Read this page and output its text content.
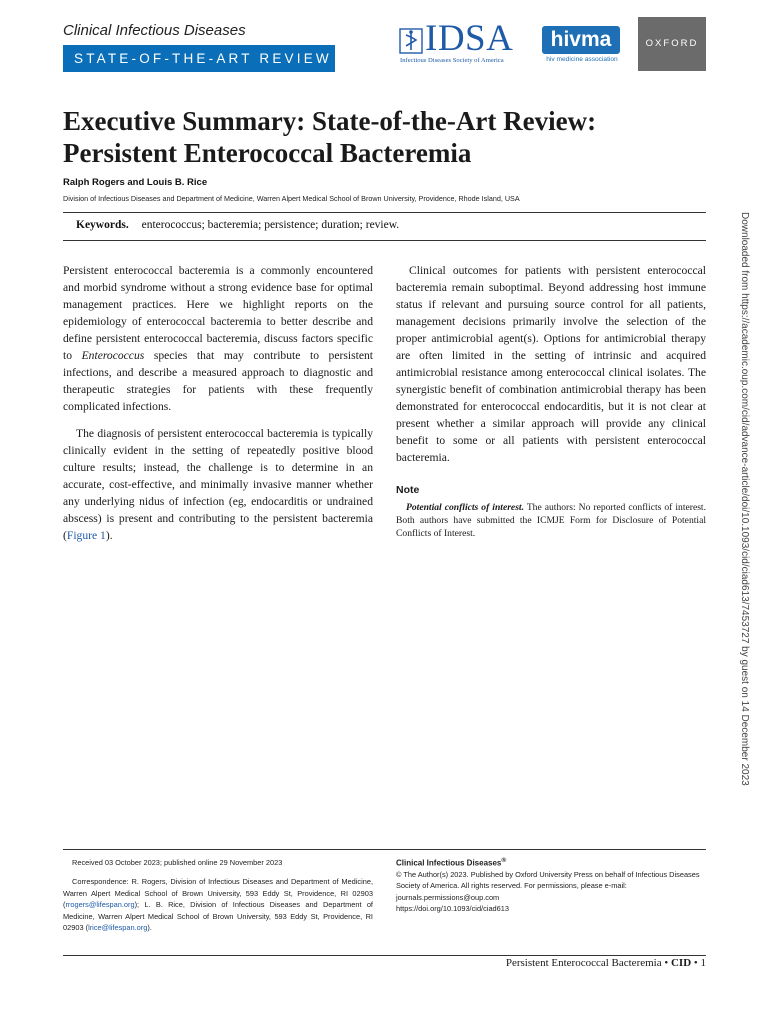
Clinical Infectious Diseases
STATE-OF-THE-ART REVIEW	IDSA
Infectious Diseases Society of America
hivma
hiv medicine association
OXFORD
Executive Summary: State-of-the-Art Review: Persistent Enterococcal Bacteremia
Ralph Rogers and Louis B. Rice
Division of Infectious Diseases and Department of Medicine, Warren Alpert Medical School of Brown University, Providence, Rhode Island, USA
Keywords. enterococcus; bacteremia; persistence; duration; review.

Persistent enterococcal bacteremia is a commonly encountered and morbid syndrome without a strong evidence base for optimal management practices. Here we highlight reports on the epidemiology of enterococcal bacteremia to better describe and define persistent enterococcal bacteremia, discuss factors specific to Enterococcus species that may contribute to persistent infections, and describe a measured approach to diagnostic and therapeutic strategies for patients with these frequently complicated infections.

The diagnosis of persistent enterococcal bacteremia is typically clinically evident in the setting of repeatedly positive blood culture results; instead, the challenge is to determine in an accurate, cost-effective, and minimally invasive manner whether any underlying nidus of infection (eg, endocarditis or undrained abscess) is present and contributing to the persistent bacteremia (Figure 1).

Clinical outcomes for patients with persistent enterococcal bacteremia remain suboptimal. Beyond addressing host immune status if relevant and pursuing source control for all patients, management decisions primarily involve the selection of the proper antimicrobial agent(s). Options for antimicrobial therapy are often limited in the setting of intrinsic and acquired antimicrobial resistance among enterococcal clinical isolates. The synergistic benefit of combination antimicrobial therapy has been demonstrated for enterococcal endocarditis, but it is not clear at present whether a similar approach will provide any clinical benefit to some or all patients with persistent enterococcal bacteremia.

Note

Potential conflicts of interest. The authors: No reported conflicts of interest. Both authors have submitted the ICMJE Form for Disclosure of Potential Conflicts of Interest.	Downloaded from https://academic.oup.com/cid/advance-article/doi/10.1093/cid/ciad613/7453727 by guest on 14 December 2023
Received 03 October 2023; published online 29 November 2023
Correspondence: R. Rogers, Division of Infectious Diseases and Department of Medicine, Warren Alpert Medical School of Brown University, 593 Eddy St, Providence, RI 02903 (rrogers@lifespan.org); L. B. Rice, Division of Infectious Diseases and Department of Medicine, Warren Alpert Medical School of Brown University, 593 Eddy St, Providence, RI 02903 (lrice@lifespan.org).
Clinical Infectious Diseases®
© The Author(s) 2023. Published by Oxford University Press on behalf of Infectious Diseases Society of America. All rights reserved. For permissions, please e-mail: journals.permissions@oup.com
https://doi.org/10.1093/cid/ciad613
Persistent Enterococcal Bacteremia • CID • 1
